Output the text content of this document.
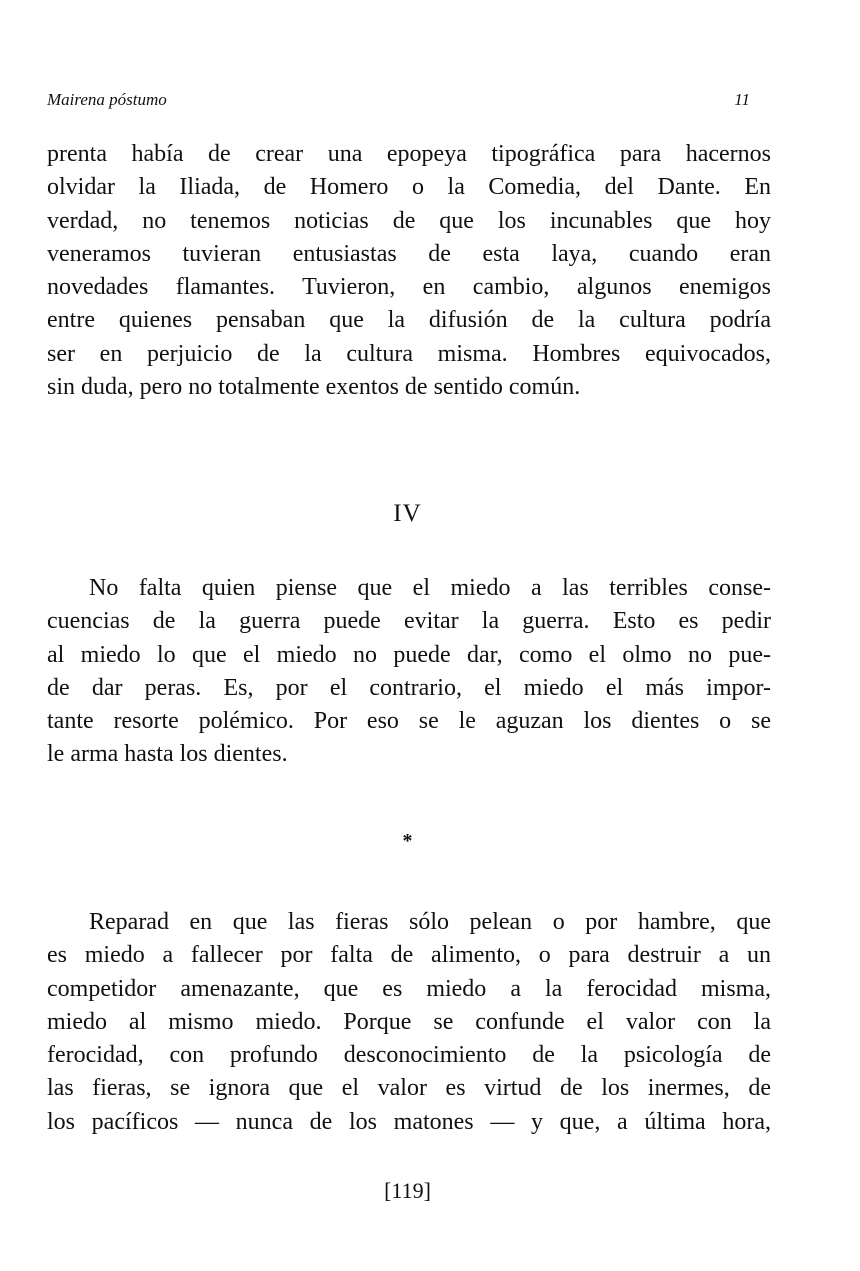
Mairena póstumo	11
prenta había de crear una epopeya tipográfica para hacernos
olvidar la Iliada, de Homero o la Comedia, del Dante. En
verdad, no tenemos noticias de que los incunables que hoy
veneramos tuvieran entusiastas de esta laya, cuando eran
novedades flamantes. Tuvieron, en cambio, algunos enemigos
entre quienes pensaban que la difusión de la cultura podría
ser en perjuicio de la cultura misma. Hombres equivocados,
sin duda, pero no totalmente exentos de sentido común.
IV
No falta quien piense que el miedo a las terribles conse-
cuencias de la guerra puede evitar la guerra. Esto es pedir
al miedo lo que el miedo no puede dar, como el olmo no pue-
de dar peras. Es, por el contrario, el miedo el más impor-
tante resorte polémico. Por eso se le aguzan los dientes o se
le arma hasta los dientes.
*
Reparad en que las fieras sólo pelean o por hambre, que
es miedo a fallecer por falta de alimento, o para destruir a un
competidor amenazante, que es miedo a la ferocidad misma,
miedo al mismo miedo. Porque se confunde el valor con la
ferocidad, con profundo desconocimiento de la psicología de
las fieras, se ignora que el valor es virtud de los inermes, de
los pacíficos — nunca de los matones — y que, a última hora,
[119]
